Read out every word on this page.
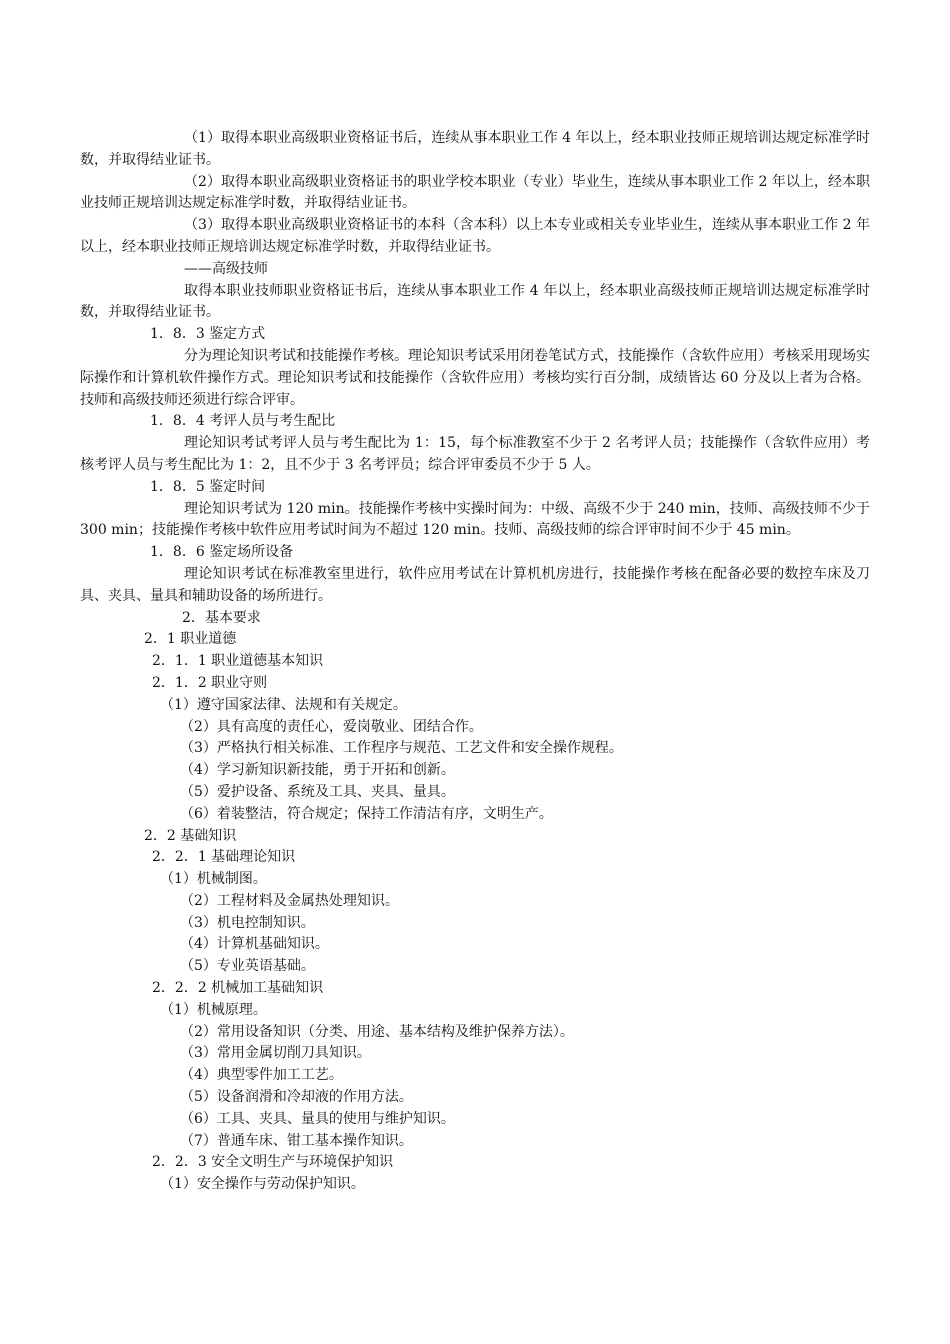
（1）取得本职业高级职业资格证书后，连续从事本职业工作 4 年以上，经本职业技师正规培训达规定标准学时数，并取得结业证书。

（2）取得本职业高级职业资格证书的职业学校本职业（专业）毕业生，连续从事本职业工作 2 年以上，经本职业技师正规培训达规定标准学时数，并取得结业证书。

（3）取得本职业高级职业资格证书的本科（含本科）以上本专业或相关专业毕业生，连续从事本职业工作 2 年以上，经本职业技师正规培训达规定标准学时数，并取得结业证书。

——高级技师

取得本职业技师职业资格证书后，连续从事本职业工作 4 年以上，经本职业高级技师正规培训达规定标准学时数，并取得结业证书。

1．8．3 鉴定方式

分为理论知识考试和技能操作考核。理论知识考试采用闭卷笔试方式，技能操作（含软件应用）考核采用现场实际操作和计算机软件操作方式。理论知识考试和技能操作（含软件应用）考核均实行百分制，成绩皆达 60 分及以上者为合格。技师和高级技师还须进行综合评审。

1．8．4 考评人员与考生配比

理论知识考试考评人员与考生配比为 1：15，每个标准教室不少于 2 名考评人员；技能操作（含软件应用）考核考评人员与考生配比为 1：2，且不少于 3 名考评员；综合评审委员不少于 5 人。

1．8．5 鉴定时间

理论知识考试为 120 min。技能操作考核中实操时间为：中级、高级不少于 240 min，技师、高级技师不少于 300 min；技能操作考核中软件应用考试时间为不超过 120 min。技师、高级技师的综合评审时间不少于 45 min。

1．8．6 鉴定场所设备

理论知识考试在标准教室里进行，软件应用考试在计算机机房进行，技能操作考核在配备必要的数控车床及刀具、夹具、量具和辅助设备的场所进行。

2．基本要求

2．1 职业道德

2．1．1 职业道德基本知识

2．1．2 职业守则

（1）遵守国家法律、法规和有关规定。

（2）具有高度的责任心，爱岗敬业、团结合作。

（3）严格执行相关标准、工作程序与规范、工艺文件和安全操作规程。

（4）学习新知识新技能，勇于开拓和创新。

（5）爱护设备、系统及工具、夹具、量具。

（6）着装整洁，符合规定；保持工作清洁有序，文明生产。

2．2 基础知识

2．2．1 基础理论知识

（1）机械制图。

（2）工程材料及金属热处理知识。

（3）机电控制知识。

（4）计算机基础知识。

（5）专业英语基础。

2．2．2 机械加工基础知识

（1）机械原理。

（2）常用设备知识（分类、用途、基本结构及维护保养方法）。

（3）常用金属切削刀具知识。

（4）典型零件加工工艺。

（5）设备润滑和冷却液的作用方法。

（6）工具、夹具、量具的使用与维护知识。

（7）普通车床、钳工基本操作知识。

2．2．3 安全文明生产与环境保护知识

（1）安全操作与劳动保护知识。
